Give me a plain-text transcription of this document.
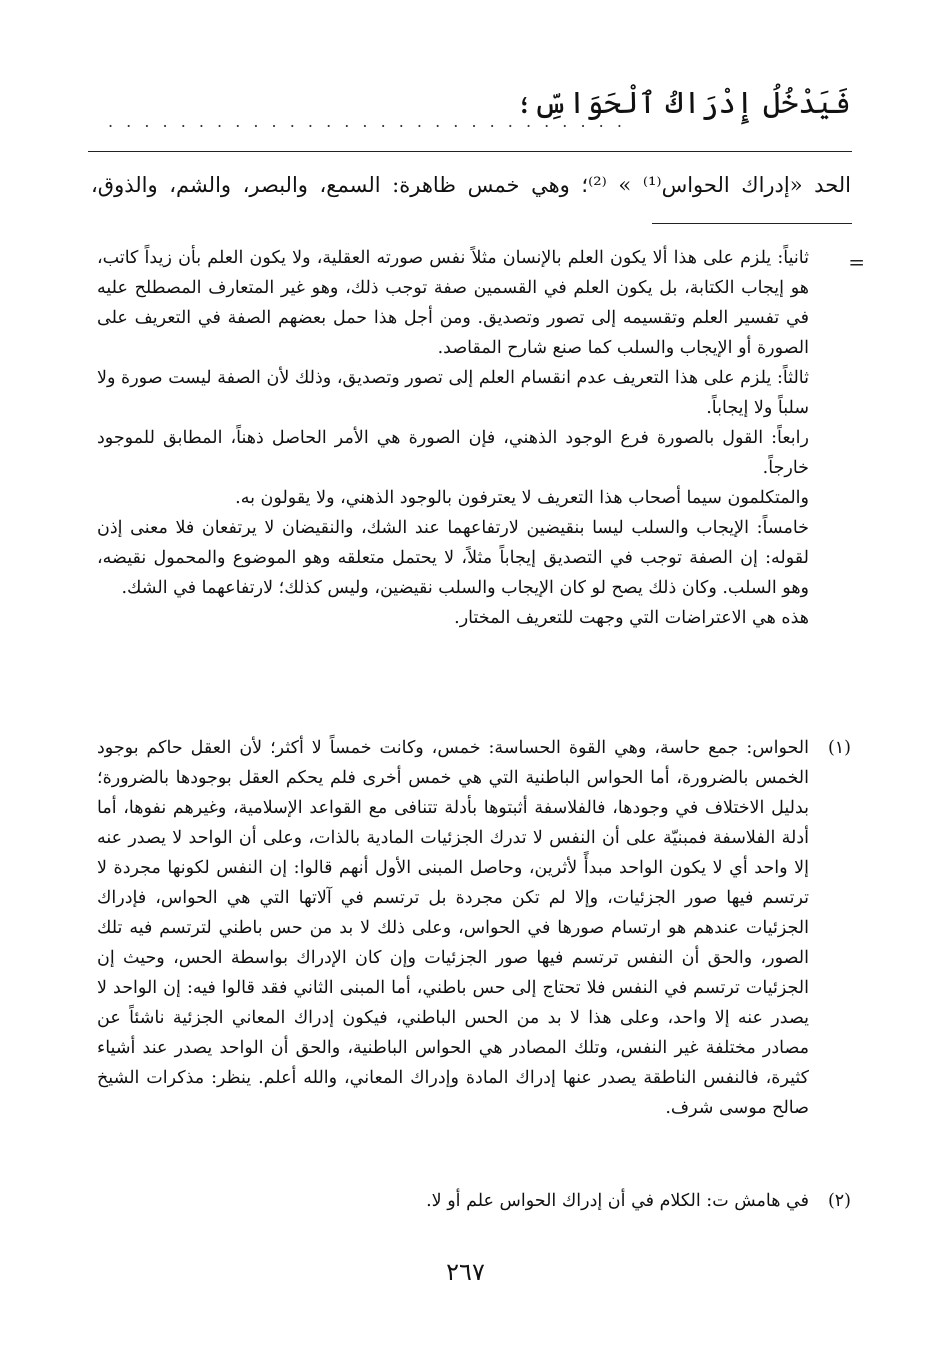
فَيَدْخُلُ إِدْرَاكُ ٱلْحَوَاسِّ؛
. . . . . . . . . . . . . . . . . . . . . . . . . . . . .
الحد «إدراك الحواس⁽¹⁾ » ⁽²⁾؛ وهي خمس ظاهرة: السمع، والبصر، والشم، والذوق،
=

ثانياً: يلزم على هذا ألا يكون العلم بالإنسان مثلاً نفس صورته العقلية، ولا يكون العلم بأن زيداً كاتب، هو إيجاب الكتابة، بل يكون العلم في القسمين صفة توجب ذلك، وهو غير المتعارف المصطلح عليه في تفسير العلم وتقسيمه إلى تصور وتصديق. ومن أجل هذا حمل بعضهم الصفة في التعريف على الصورة أو الإيجاب والسلب كما صنع شارح المقاصد.

ثالثاً: يلزم على هذا التعريف عدم انقسام العلم إلى تصور وتصديق، وذلك لأن الصفة ليست صورة ولا سلباً ولا إيجاباً.

رابعاً: القول بالصورة فرع الوجود الذهني، فإن الصورة هي الأمر الحاصل ذهناً، المطابق للموجود خارجاً.

والمتكلمون سيما أصحاب هذا التعريف لا يعترفون بالوجود الذهني، ولا يقولون به.

خامساً: الإيجاب والسلب ليسا بنقيضين لارتفاعهما عند الشك، والنقيضان لا يرتفعان فلا معنى إذن لقوله: إن الصفة توجب في التصديق إيجاباً مثلاً، لا يحتمل متعلقه وهو الموضوع والمحمول نقيضه، وهو السلب. وكان ذلك يصح لو كان الإيجاب والسلب نقيضين، وليس كذلك؛ لارتفاعهما في الشك.

هذه هي الاعتراضات التي وجهت للتعريف المختار.

(١)
الحواس: جمع حاسة، وهي القوة الحساسة: خمس، وكانت خمساً لا أكثر؛ لأن العقل حاكم بوجود الخمس بالضرورة، أما الحواس الباطنية التي هي خمس أخرى فلم يحكم العقل بوجودها بالضرورة؛ بدليل الاختلاف في وجودها، فالفلاسفة أثبتوها بأدلة تتنافى مع القواعد الإسلامية، وغيرهم نفوها، أما أدلة الفلاسفة فمبنيّة على أن النفس لا تدرك الجزئيات المادية بالذات، وعلى أن الواحد لا يصدر عنه إلا واحد أي لا يكون الواحد مبدأً لأثرين، وحاصل المبنى الأول أنهم قالوا: إن النفس لكونها مجردة لا ترتسم فيها صور الجزئيات، وإلا لم تكن مجردة بل ترتسم في آلاتها التي هي الحواس، فإدراك الجزئيات عندهم هو ارتسام صورها في الحواس، وعلى ذلك لا بد من حس باطني لترتسم فيه تلك الصور، والحق أن النفس ترتسم فيها صور الجزئيات وإن كان الإدراك بواسطة الحس، وحيث إن الجزئيات ترتسم في النفس فلا تحتاج إلى حس باطني، أما المبنى الثاني فقد قالوا فيه: إن الواحد لا يصدر عنه إلا واحد، وعلى هذا لا بد من الحس الباطني، فيكون إدراك المعاني الجزئية ناشئاً عن مصادر مختلفة غير النفس، وتلك المصادر هي الحواس الباطنية، والحق أن الواحد يصدر عند أشياء كثيرة، فالنفس الناطقة يصدر عنها إدراك المادة وإدراك المعاني، والله أعلم. ينظر: مذكرات الشيخ صالح موسى شرف.
(٢)
في هامش ت: الكلام في أن إدراك الحواس علم أو لا.
٢٦٧
